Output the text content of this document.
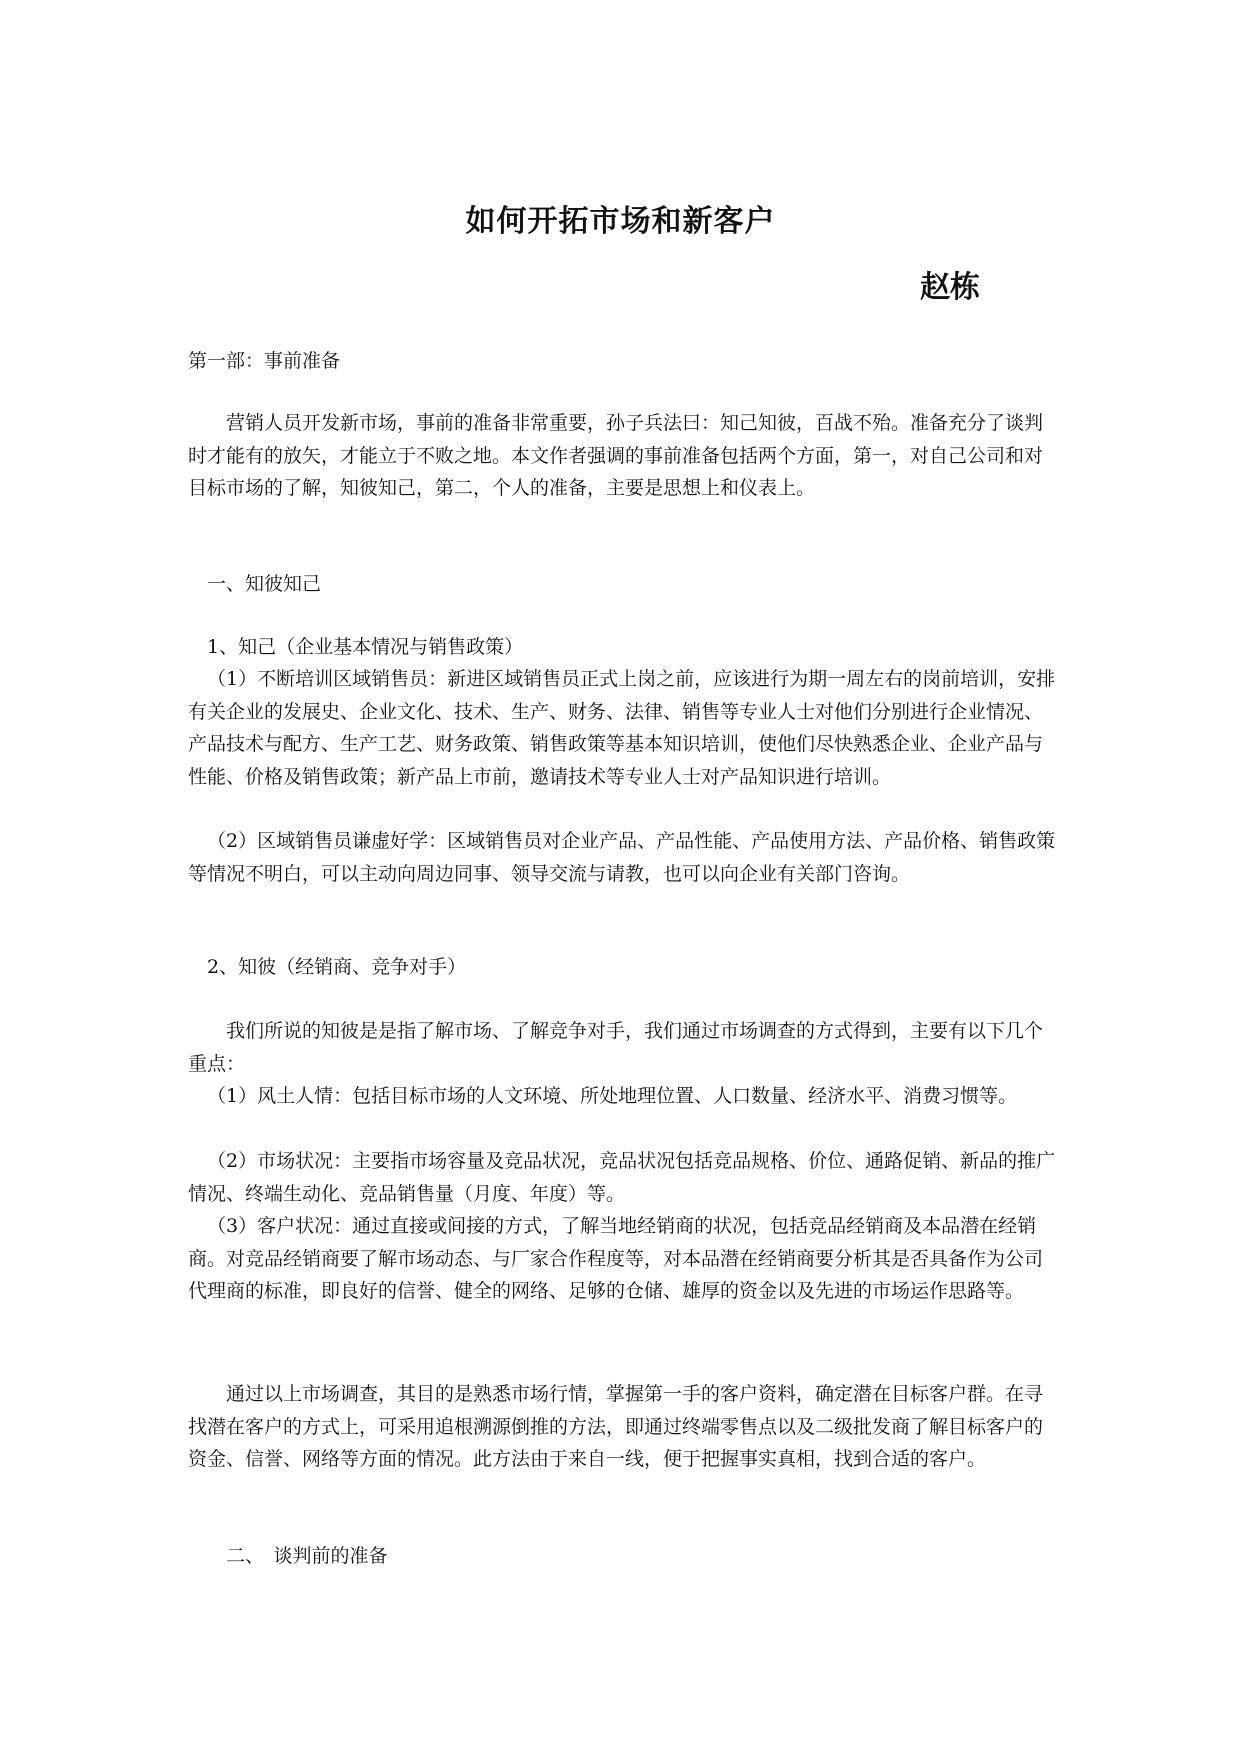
如何开拓市场和新客户
赵栋
第一部：事前准备
营销人员开发新市场，事前的准备非常重要，孙子兵法曰：知己知彼，百战不殆。准备充分了谈判时才能有的放矢，才能立于不败之地。本文作者强调的事前准备包括两个方面，第一，对自己公司和对目标市场的了解，知彼知己，第二，个人的准备，主要是思想上和仪表上。
一、知彼知己
1、知己（企业基本情况与销售政策）
（1）不断培训区域销售员：新进区域销售员正式上岗之前，应该进行为期一周左右的岗前培训，安排有关企业的发展史、企业文化、技术、生产、财务、法律、销售等专业人士对他们分别进行企业情况、产品技术与配方、生产工艺、财务政策、销售政策等基本知识培训，使他们尽快熟悉企业、企业产品与性能、价格及销售政策；新产品上市前，邀请技术等专业人士对产品知识进行培训。
（2）区域销售员谦虚好学：区域销售员对企业产品、产品性能、产品使用方法、产品价格、销售政策等情况不明白，可以主动向周边同事、领导交流与请教，也可以向企业有关部门咨询。
2、知彼（经销商、竞争对手）
我们所说的知彼是是指了解市场、了解竞争对手，我们通过市场调查的方式得到，主要有以下几个重点：
（1）风土人情：包括目标市场的人文环境、所处地理位置、人口数量、经济水平、消费习惯等。
（2）市场状况：主要指市场容量及竞品状况，竞品状况包括竞品规格、价位、通路促销、新品的推广情况、终端生动化、竞品销售量（月度、年度）等。
（3）客户状况：通过直接或间接的方式，了解当地经销商的状况，包括竞品经销商及本品潜在经销商。对竞品经销商要了解市场动态、与厂家合作程度等，对本品潜在经销商要分析其是否具备作为公司代理商的标准，即良好的信誉、健全的网络、足够的仓储、雄厚的资金以及先进的市场运作思路等。
通过以上市场调查，其目的是熟悉市场行情，掌握第一手的客户资料，确定潜在目标客户群。在寻找潜在客户的方式上，可采用追根溯源倒推的方法，即通过终端零售点以及二级批发商了解目标客户的资金、信誉、网络等方面的情况。此方法由于来自一线，便于把握事实真相，找到合适的客户。
二、　谈判前的准备
